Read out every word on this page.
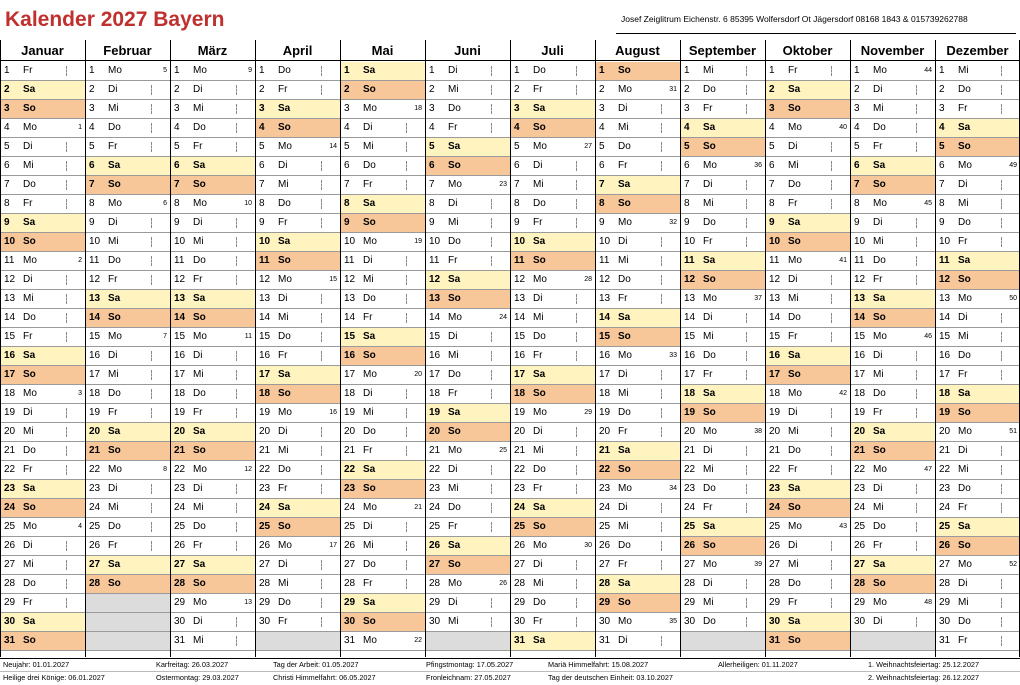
Kalender 2027 Bayern	Josef Zeiglitrum Eichenstr. 6 85395 Wolfersdorf Ot Jägersdorf 08168 1843 & 015739262788
Januar
1 Fr
2 Sa
3 So
4 Mo	1
5 Di
6 Mi
7 Do
8 Fr
9 Sa
10 So
11 Mo	2
12 Di
13 Mi
14 Do
15 Fr
16 Sa
17 So
18 Mo	3
19 Di
20 Mi
21 Do
22 Fr
23 Sa
24 So
25 Mo	4
26 Di
27 Mi
28 Do
29 Fr
30 Sa
31 So
Februar
1 Mo	5
2 Di
3 Mi
4 Do
5 Fr
6 Sa
7 So
8 Mo	6
9 Di
10 Mi
11 Do
12 Fr
13 Sa
14 So
15 Mo	7
16 Di
17 Mi
18 Do
19 Fr
20 Sa
21 So
22 Mo	8
23 Di
24 Mi
25 Do
26 Fr
27 Sa
28 So
März
1 Mo	9
2 Di
3 Mi
4 Do
5 Fr
6 Sa
7 So
8 Mo	10
9 Di
10 Mi
11 Do
12 Fr
13 Sa
14 So
15 Mo	11
16 Di
17 Mi
18 Do
19 Fr
20 Sa
21 So
22 Mo	12
23 Di
24 Mi
25 Do
26 Fr
27 Sa
28 So
29 Mo	13
30 Di
31 Mi
April
1 Do
2 Fr
3 Sa
4 So
5 Mo	14
6 Di
7 Mi
8 Do
9 Fr
10 Sa
11 So
12 Mo	15
13 Di
14 Mi
15 Do
16 Fr
17 Sa
18 So
19 Mo	16
20 Di
21 Mi
22 Do
23 Fr
24 Sa
25 So
26 Mo	17
27 Di
28 Mi
29 Do
30 Fr
Mai
1 Sa
2 So
3 Mo	18
4 Di
5 Mi
6 Do
7 Fr
8 Sa
9 So
10 Mo	19
11 Di
12 Mi
13 Do
14 Fr
15 Sa
16 So
17 Mo	20
18 Di
19 Mi
20 Do
21 Fr
22 Sa
23 So
24 Mo	21
25 Di
26 Mi
27 Do
28 Fr
29 Sa
30 So
31 Mo	22
Juni
1 Di
2 Mi
3 Do
4 Fr
5 Sa
6 So
7 Mo	23
8 Di
9 Mi
10 Do
11 Fr
12 Sa
13 So
14 Mo	24
15 Di
16 Mi
17 Do
18 Fr
19 Sa
20 So
21 Mo	25
22 Di
23 Mi
24 Do
25 Fr
26 Sa
27 So
28 Mo	26
29 Di
30 Mi
Juli
1 Do
2 Fr
3 Sa
4 So
5 Mo	27
6 Di
7 Mi
8 Do
9 Fr
10 Sa
11 So
12 Mo	28
13 Di
14 Mi
15 Do
16 Fr
17 Sa
18 So
19 Mo	29
20 Di
21 Mi
22 Do
23 Fr
24 Sa
25 So
26 Mo	30
27 Di
28 Mi
29 Do
30 Fr
31 Sa
August
1 So
2 Mo	31
3 Di
4 Mi
5 Do
6 Fr
7 Sa
8 So
9 Mo	32
10 Di
11 Mi
12 Do
13 Fr
14 Sa
15 So
16 Mo	33
17 Di
18 Mi
19 Do
20 Fr
21 Sa
22 So
23 Mo	34
24 Di
25 Mi
26 Do
27 Fr
28 Sa
29 So
30 Mo	35
31 Di
September
1 Mi
2 Do
3 Fr
4 Sa
5 So
6 Mo	36
7 Di
8 Mi
9 Do
10 Fr
11 Sa
12 So
13 Mo	37
14 Di
15 Mi
16 Do
17 Fr
18 Sa
19 So
20 Mo	38
21 Di
22 Mi
23 Do
24 Fr
25 Sa
26 So
27 Mo	39
28 Di
29 Mi
30 Do
Oktober
1 Fr
2 Sa
3 So
4 Mo	40
5 Di
6 Mi
7 Do
8 Fr
9 Sa
10 So
11 Mo	41
12 Di
13 Mi
14 Do
15 Fr
16 Sa
17 So
18 Mo	42
19 Di
20 Mi
21 Do
22 Fr
23 Sa
24 So
25 Mo	43
26 Di
27 Mi
28 Do
29 Fr
30 Sa
31 So
November
1 Mo	44
2 Di
3 Mi
4 Do
5 Fr
6 Sa
7 So
8 Mo	45
9 Di
10 Mi
11 Do
12 Fr
13 Sa
14 So
15 Mo	46
16 Di
17 Mi
18 Do
19 Fr
20 Sa
21 So
22 Mo	47
23 Di
24 Mi
25 Do
26 Fr
27 Sa
28 So
29 Mo	48
30 Di
Dezember
1 Mi
2 Do
3 Fr
4 Sa
5 So
6 Mo	49
7 Di
8 Mi
9 Do
10 Fr
11 Sa
12 So
13 Mo	50
14 Di
15 Mi
16 Do
17 Fr
18 Sa
19 So
20 Mo	51
21 Di
22 Mi
23 Do
24 Fr
25 Sa
26 So
27 Mo	52
28 Di
29 Mi
30 Do
31 Fr
Neujahr: 01.01.2027
Heilige drei Könige: 06.01.2027
Karfreitag: 26.03.2027
Ostermontag: 29.03.2027
Tag der Arbeit: 01.05.2027
Christi Himmelfahrt: 06.05.2027
Pfingstmontag: 17.05.2027
Fronleichnam: 27.05.2027
Mariä Himmelfahrt: 15.08.2027
Tag der deutschen Einheit: 03.10.2027
Allerheiligen: 01.11.2027	1. Weihnachtsfeiertag: 25.12.2027
2. Weihnachtsfeiertag: 26.12.2027
